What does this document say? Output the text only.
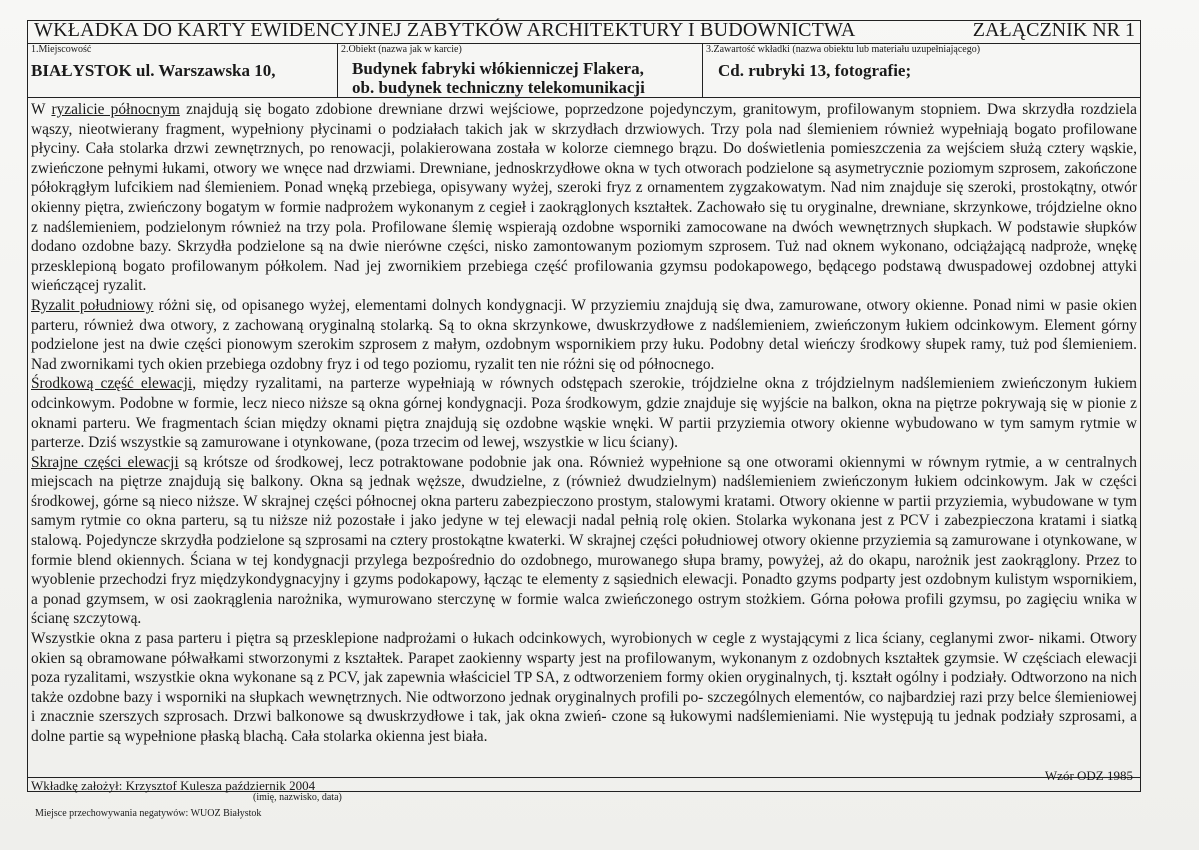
WKŁADKA DO KARTY EWIDENCYJNEJ ZABYTKÓW ARCHITEKTURY I BUDOWNICTWA	ZAŁĄCZNIK NR 1
1.Miejscowość
BIAŁYSTOK ul. Warszawska 10,
2.Obiekt (nazwa jak w karcie)
Budynek fabryki włókienniczej Flakera,
ob. budynek techniczny telekomunikacji
3.Zawartość wkładki (nazwa obiektu lub materiału uzupełniającego)
Cd. rubryki 13, fotografie;

W ryzalicie północnym znajdują się bogato zdobione drewniane drzwi wejściowe, poprzedzone pojedynczym, granitowym, profilowanym stopniem. Dwa skrzydła rozdziela wąszy, nieotwierany fragment, wypełniony płycinami o podziałach takich jak w skrzydłach drzwiowych. Trzy pola nad ślemieniem również wypełniają bogato profilowane płyciny. Cała stolarka drzwi zewnętrznych, po renowacji, polakierowana została w kolorze ciemnego brązu. Do doświetlenia pomieszczenia za wejściem służą cztery wąskie, zwieńczone pełnymi łukami, otwory we wnęce nad drzwiami. Drewniane, jednoskrzydłowe okna w tych otworach podzielone są asymetrycznie poziomym szprosem, zakończone półokrągłym lufcikiem nad ślemieniem. Ponad wnęką przebiega, opisywany wyżej, szeroki fryz z ornamentem zygzakowatym. Nad nim znajduje się szeroki, prostokątny, otwór okienny piętra, zwieńczony bogatym w formie nadprożem wykonanym z cegieł i zaokrąglonych kształtek. Zachowało się tu oryginalne, drewniane, skrzynkowe, trójdzielne okno z nadślemieniem, podzielonym również na trzy pola. Profilowane ślemię wspierają ozdobne wsporniki zamocowane na dwóch wewnętrznych słupkach. W podstawie słupków dodano ozdobne bazy. Skrzydła podzielone są na dwie nierówne części, nisko zamontowanym poziomym szprosem. Tuż nad oknem wykonano, odciążającą nadproże, wnękę przesklepioną bogato profilowanym półkolem. Nad jej zwornikiem przebiega część profilowania gzymsu podokapowego, będącego podstawą dwuspadowej ozdobnej attyki wieńczącej ryzalit.

Ryzalit południowy różni się, od opisanego wyżej, elementami dolnych kondygnacji. W przyziemiu znajdują się dwa, zamurowane, otwory okienne. Ponad nimi w pasie okien parteru, również dwa otwory, z zachowaną oryginalną stolarką. Są to okna skrzynkowe, dwuskrzydłowe z nadślemieniem, zwieńczonym łukiem odcinkowym. Element górny podzielone jest na dwie części pionowym szerokim szprosem z małym, ozdobnym wspornikiem przy łuku. Podobny detal wieńczy środkowy słupek ramy, tuż pod ślemieniem. Nad zwornikami tych okien przebiega ozdobny fryz i od tego poziomu, ryzalit ten nie różni się od północnego.

Środkową część elewacji, między ryzalitami, na parterze wypełniają w równych odstępach szerokie, trójdzielne okna z trójdzielnym nadślemieniem zwieńczonym łukiem odcinkowym. Podobne w formie, lecz nieco niższe są okna górnej kondygnacji. Poza środkowym, gdzie znajduje się wyjście na balkon, okna na piętrze pokrywają się w pionie z oknami parteru. We fragmentach ścian między oknami piętra znajdują się ozdobne wąskie wnęki. W partii przyziemia otwory okienne wybudowano w tym samym rytmie w parterze. Dziś wszystkie są zamurowane i otynkowane, (poza trzecim od lewej, wszystkie w licu ściany).

Skrajne części elewacji są krótsze od środkowej, lecz potraktowane podobnie jak ona. Również wypełnione są one otworami okiennymi w równym rytmie, a w centralnych miejscach na piętrze znajdują się balkony. Okna są jednak węższe, dwudzielne, z (również dwudzielnym) nadślemieniem zwieńczonym łukiem odcinkowym. Jak w części środkowej, górne są nieco niższe. W skrajnej części północnej okna parteru zabezpieczono prostym, stalowymi kratami. Otwory okienne w partii przyziemia, wybudowane w tym samym rytmie co okna parteru, są tu niższe niż pozostałe i jako jedyne w tej elewacji nadal pełnią rolę okien. Stolarka wykonana jest z PCV i zabezpieczona kratami i siatką stalową. Pojedyncze skrzydła podzielone są szprosami na cztery prostokątne kwaterki. W skrajnej części południowej otwory okienne przyziemia są zamurowane i otynkowane, w formie blend okiennych. Ściana w tej kondygnacji przylega bezpośrednio do ozdobnego, murowanego słupa bramy, powyżej, aż do okapu, narożnik jest zaokrąglony. Przez to wyoblenie przechodzi fryz międzykondygnacyjny i gzyms podokapowy, łącząc te elementy z sąsiednich elewacji. Ponadto gzyms podparty jest ozdobnym kulistym wspornikiem, a ponad gzymsem, w osi zaokrąglenia narożnika, wymurowano sterczynę w formie walca zwieńczonego ostrym stożkiem. Górna połowa profili gzymsu, po zagięciu wnika w ścianę szczytową.

Wszystkie okna z pasa parteru i piętra są przesklepione nadprożami o łukach odcinkowych, wyrobionych w cegle z wystającymi z lica ściany, ceglanymi zwor- nikami. Otwory okien są obramowane półwałkami stworzonymi z kształtek. Parapet zaokienny wsparty jest na profilowanym, wykonanym z ozdobnych kształtek gzymsie. W częściach elewacji poza ryzalitami, wszystkie okna wykonane są z PCV, jak zapewnia właściciel TP SA, z odtworzeniem formy okien oryginalnych, tj. kształt ogólny i podziały. Odtworzono na nich także ozdobne bazy i wsporniki na słupkach wewnętrznych. Nie odtworzono jednak oryginalnych profili po- szczególnych elementów, co najbardziej razi przy belce ślemieniowej i znacznie szerszych szprosach. Drzwi balkonowe są dwuskrzydłowe i tak, jak okna zwień- czone są łukowymi nadślemieniami. Nie występują tu jednak podziały szprosami, a dolne partie są wypełnione płaską blachą. Cała stolarka okienna jest biała.

Wkładkę założył: Krzysztof Kulesza październik 2004
(imię, nazwisko, data)
Wzór ODZ 1985
Miejsce przechowywania negatywów: WUOZ Białystok
